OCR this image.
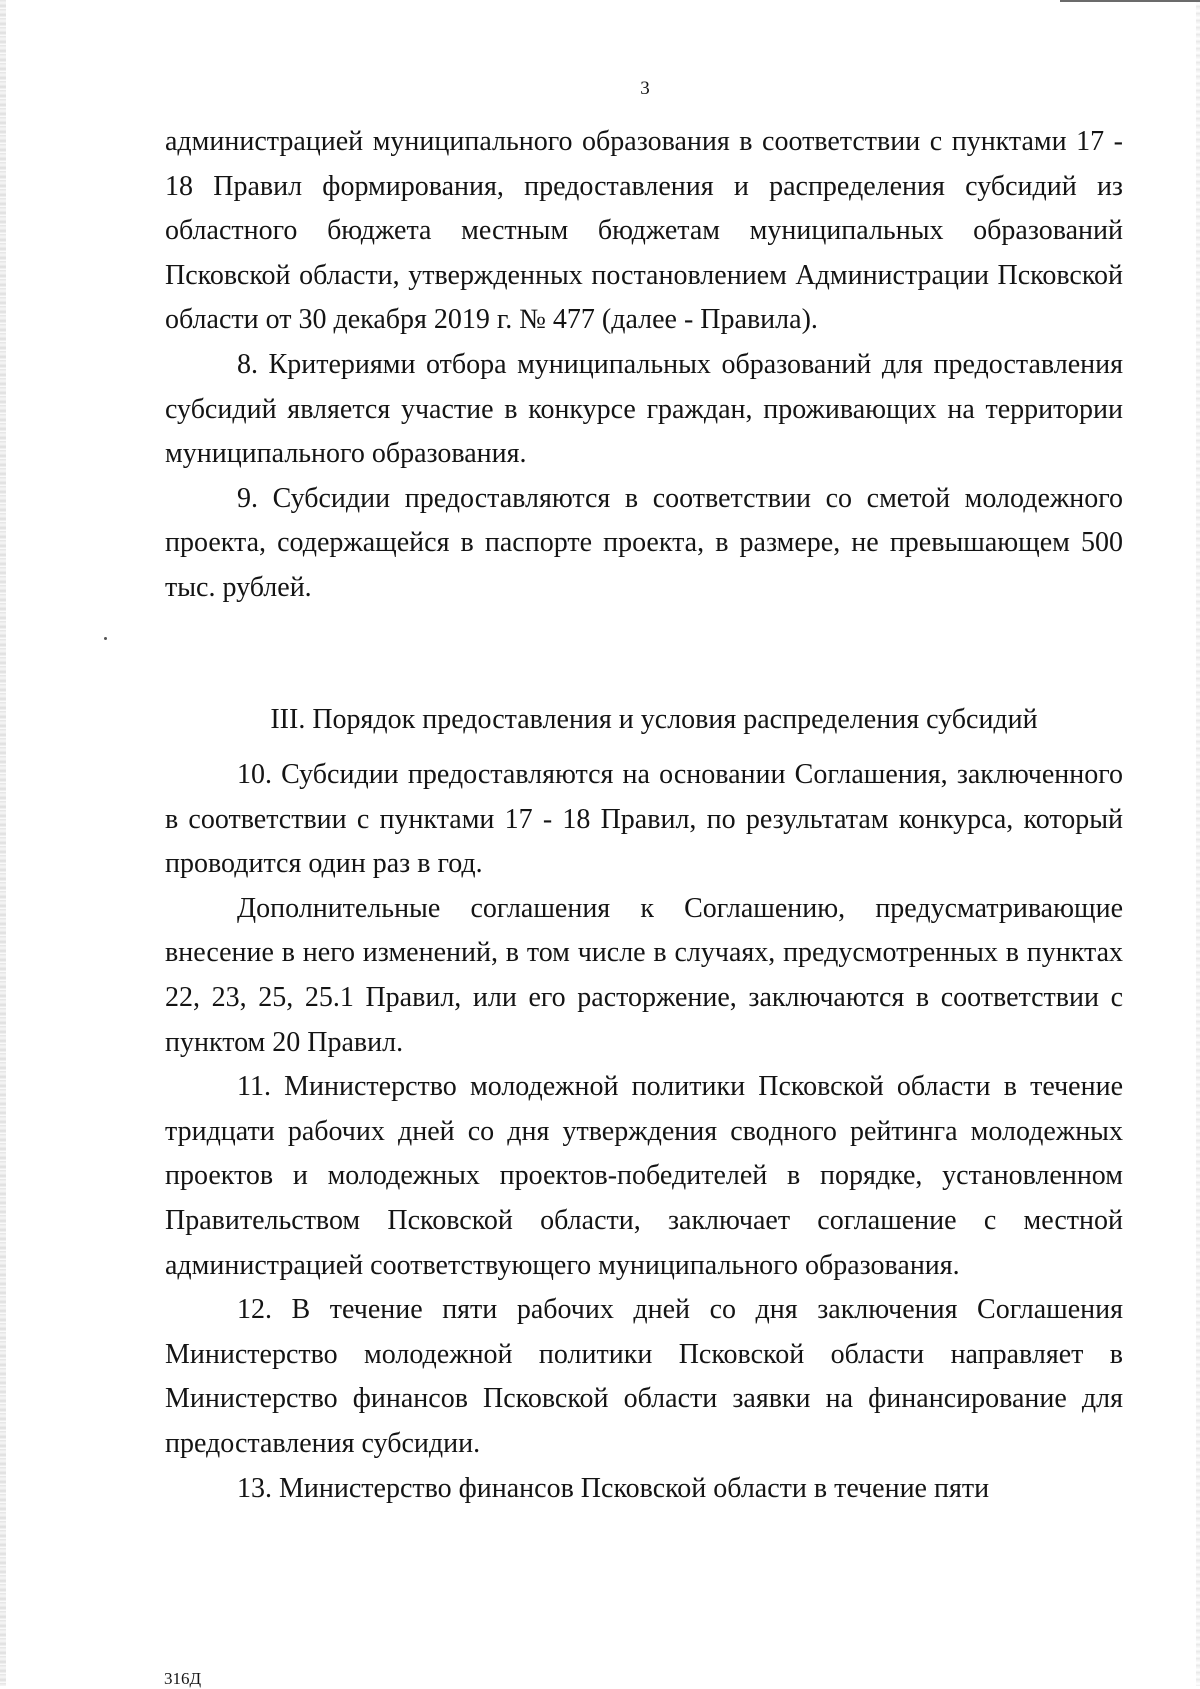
3

администрацией муниципального образования в соответствии с пунктами 17 - 18 Правил формирования, предоставления и распределения субсидий из областного бюджета местным бюджетам муниципальных образований Псковской области, утвержденных постановлением Администрации Псковской области от 30 декабря 2019 г. № 477 (далее - Правила).

8. Критериями отбора муниципальных образований для предоставления субсидий является участие в конкурсе граждан, проживающих на территории муниципального образования.

9. Субсидии предоставляются в соответствии со сметой молодежного проекта, содержащейся в паспорте проекта, в размере, не превышающем 500 тыс. рублей.

III. Порядок предоставления и условия распределения субсидий

10. Субсидии предоставляются на основании Соглашения, заключенного в соответствии с пунктами 17 - 18 Правил, по результатам конкурса, который проводится один раз в год.

Дополнительные соглашения к Соглашению, предусматривающие внесение в него изменений, в том числе в случаях, предусмотренных в пунктах 22, 23, 25, 25.1 Правил, или его расторжение, заключаются в соответствии с пунктом 20 Правил.

11. Министерство молодежной политики Псковской области в течение тридцати рабочих дней со дня утверждения сводного рейтинга молодежных проектов и молодежных проектов-победителей в порядке, установленном Правительством Псковской области, заключает соглашение с местной администрацией соответствующего муниципального образования.

12. В течение пяти рабочих дней со дня заключения Соглашения Министерство молодежной политики Псковской области направляет в Министерство финансов Псковской области заявки на финансирование для предоставления субсидии.

13. Министерство финансов Псковской области в течение пяти

316Д
